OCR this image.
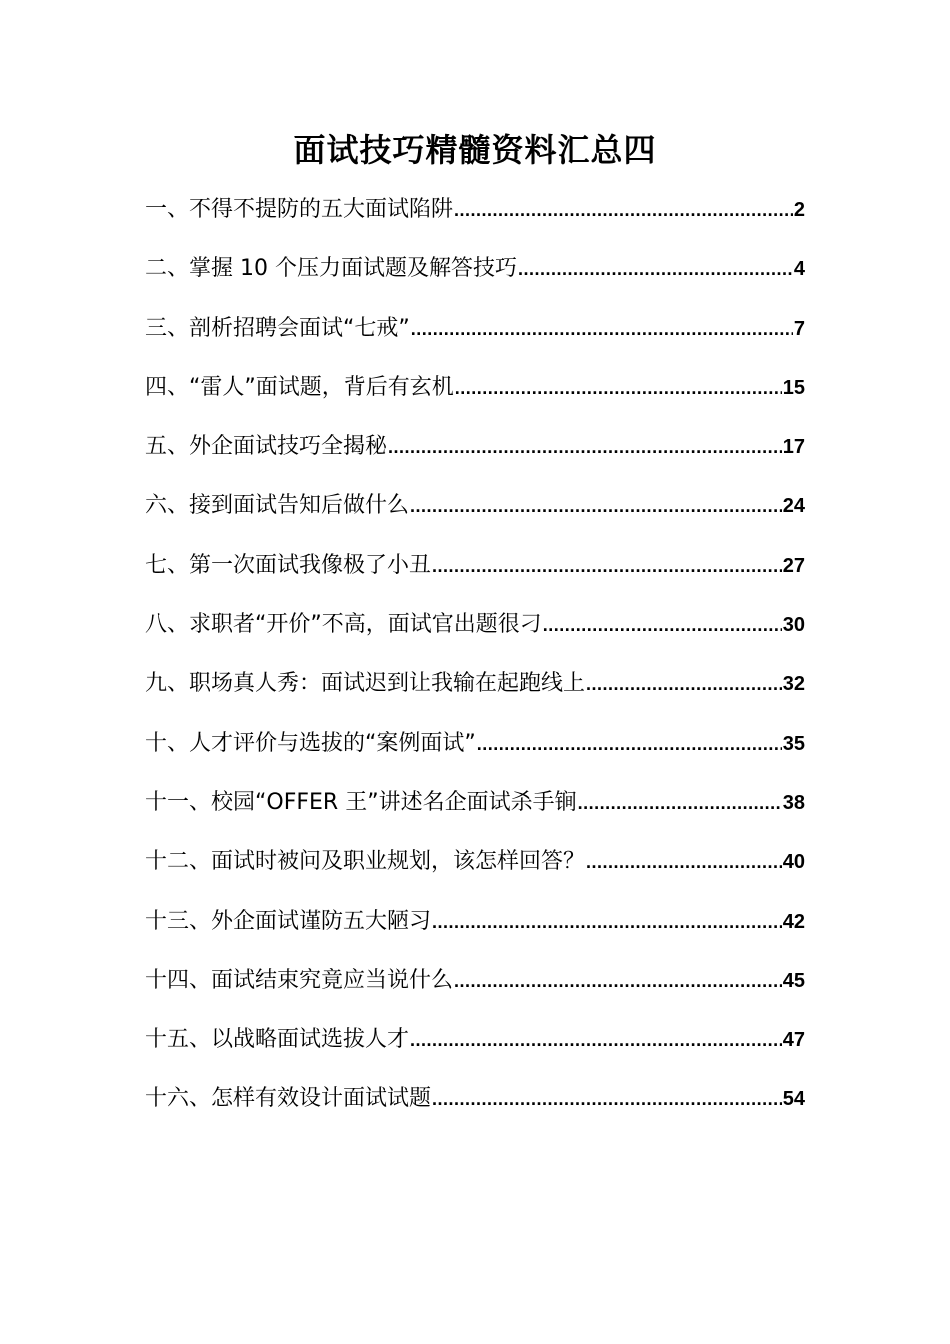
面试技巧精髓资料汇总四
一、不得不提防的五大面试陷阱 .....	2
二、掌握 10 个压力面试题及解答技巧 .....	4
三、剖析招聘会面试“七戒” .....	7
四、“雷人”面试题，背后有玄机 .....	15
五、外企面试技巧全揭秘 .....	17
六、接到面试告知后做什么 .....	24
七、第一次面试我像极了小丑 .....	27
八、求职者“开价”不高，面试官出题很刁 .....	30
九、职场真人秀：面试迟到让我输在起跑线上 .....	32
十、人才评价与选拔的“案例面试” .....	35
十一、校园“OFFER 王”讲述名企面试杀手锏 .....	38
十二、面试时被问及职业规划，该怎样回答？ .....	40
十三、外企面试谨防五大陋习 .....	42
十四、面试结束究竟应当说什么 .....	45
十五、以战略面试选拔人才 .....	47
十六、怎样有效设计面试试题 .....	54
